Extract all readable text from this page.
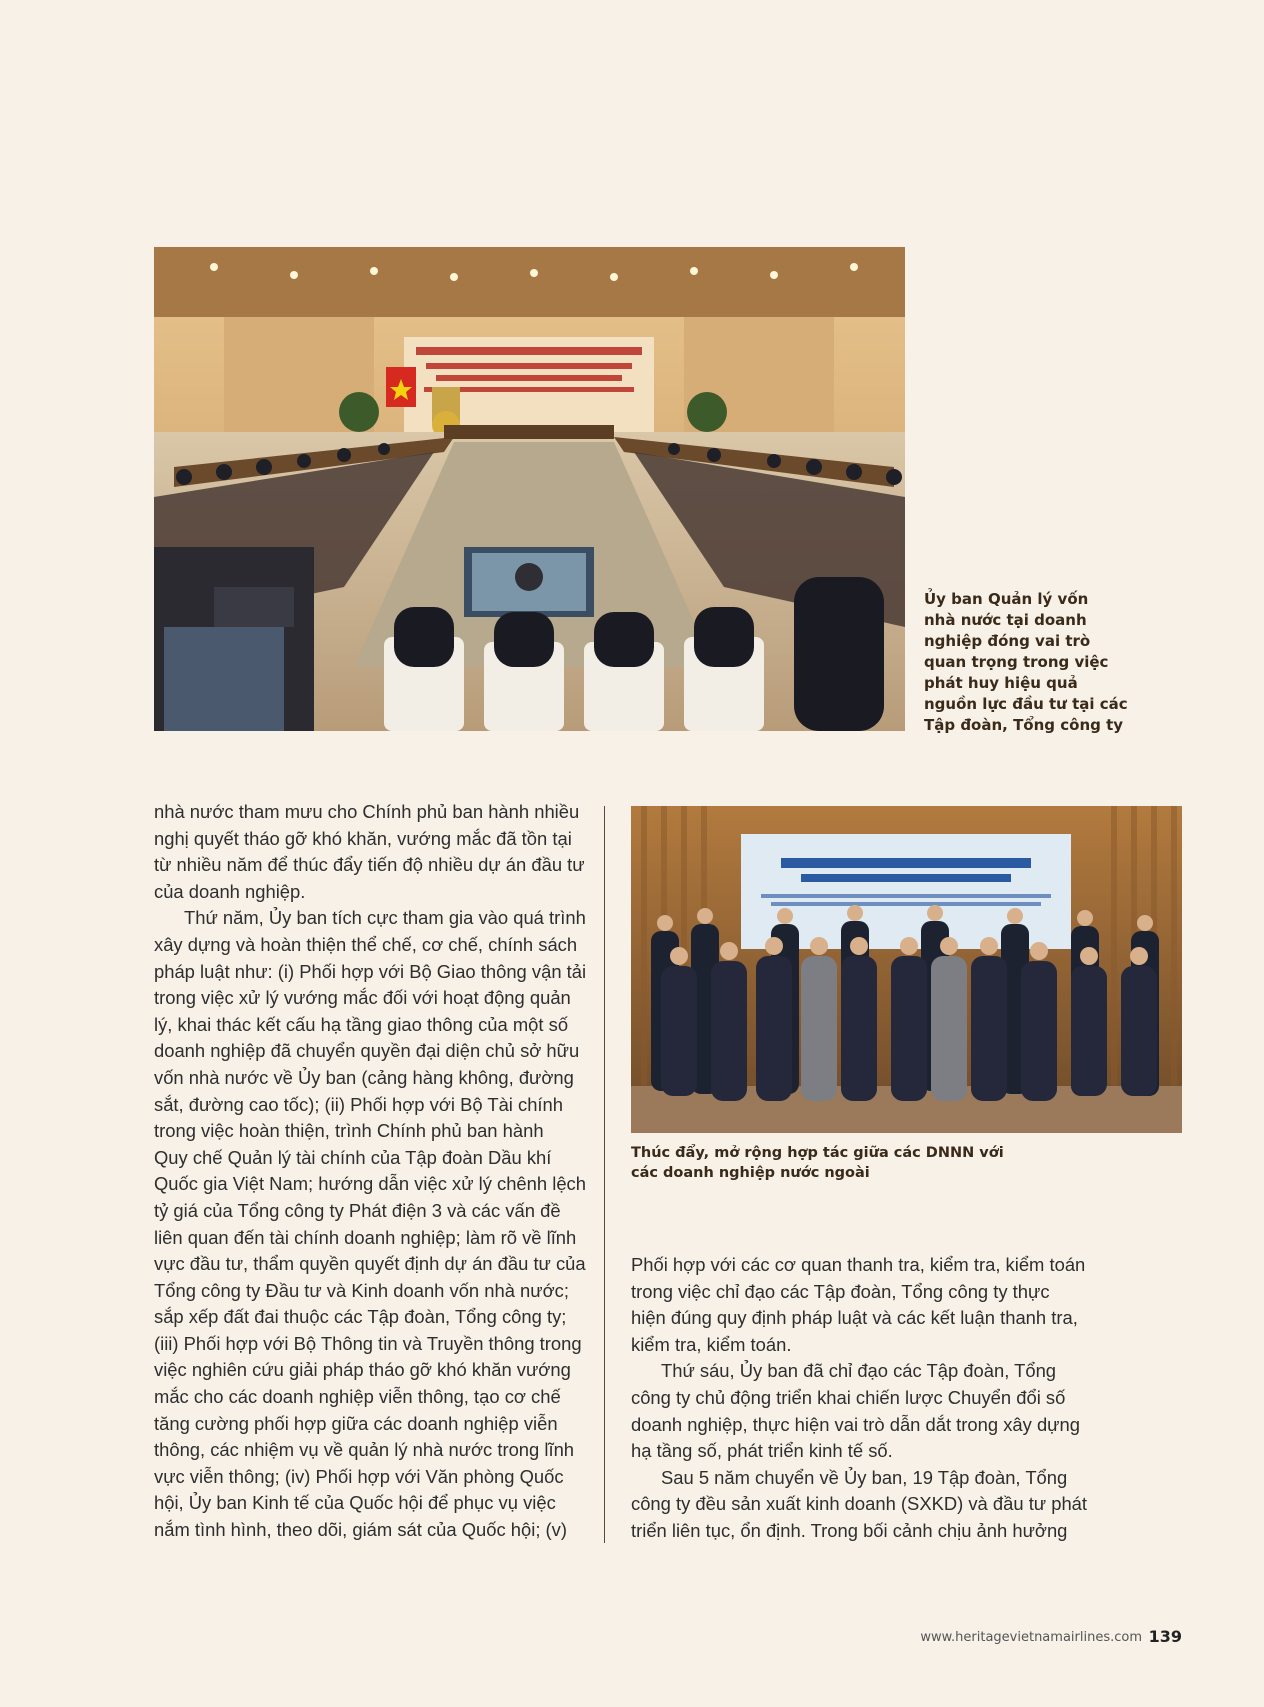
Ủy ban Quản lý vốn
nhà nước tại doanh
nghiệp đóng vai trò
quan trọng trong việc
phát huy hiệu quả
nguồn lực đầu tư tại các
Tập đoàn, Tổng công ty
nhà nước tham mưu cho Chính phủ ban hành nhiều
nghị quyết tháo gỡ khó khăn, vướng mắc đã tồn tại
từ nhiều năm để thúc đẩy tiến độ nhiều dự án đầu tư
của doanh nghiệp.
Thứ năm, Ủy ban tích cực tham gia vào quá trình
xây dựng và hoàn thiện thể chế, cơ chế, chính sách
pháp luật như: (i) Phối hợp với Bộ Giao thông vận tải
trong việc xử lý vướng mắc đối với hoạt động quản
lý, khai thác kết cấu hạ tầng giao thông của một số
doanh nghiệp đã chuyển quyền đại diện chủ sở hữu
vốn nhà nước về Ủy ban (cảng hàng không, đường
sắt, đường cao tốc); (ii) Phối hợp với Bộ Tài chính
trong việc hoàn thiện, trình Chính phủ ban hành
Quy chế Quản lý tài chính của Tập đoàn Dầu khí
Quốc gia Việt Nam; hướng dẫn việc xử lý chênh lệch
tỷ giá của Tổng công ty Phát điện 3 và các vấn đề
liên quan đến tài chính doanh nghiệp; làm rõ về lĩnh
vực đầu tư, thẩm quyền quyết định dự án đầu tư của
Tổng công ty Đầu tư và Kinh doanh vốn nhà nước;
sắp xếp đất đai thuộc các Tập đoàn, Tổng công ty;
(iii) Phối hợp với Bộ Thông tin và Truyền thông trong
việc nghiên cứu giải pháp tháo gỡ khó khăn vướng
mắc cho các doanh nghiệp viễn thông, tạo cơ chế
tăng cường phối hợp giữa các doanh nghiệp viễn
thông, các nhiệm vụ về quản lý nhà nước trong lĩnh
vực viễn thông; (iv) Phối hợp với Văn phòng Quốc
hội, Ủy ban Kinh tế của Quốc hội để phục vụ việc
nắm tình hình, theo dõi, giám sát của Quốc hội; (v)
Thúc đẩy, mở rộng hợp tác giữa các DNNN với
các doanh nghiệp nước ngoài
Phối hợp với các cơ quan thanh tra, kiểm tra, kiểm toán
trong việc chỉ đạo các Tập đoàn, Tổng công ty thực
hiện đúng quy định pháp luật và các kết luận thanh tra,
kiểm tra, kiểm toán.
Thứ sáu, Ủy ban đã chỉ đạo các Tập đoàn, Tổng
công ty chủ động triển khai chiến lược Chuyển đổi số
doanh nghiệp, thực hiện vai trò dẫn dắt trong xây dựng
hạ tầng số, phát triển kinh tế số.
Sau 5 năm chuyển về Ủy ban, 19 Tập đoàn, Tổng
công ty đều sản xuất kinh doanh (SXKD) và đầu tư phát
triển liên tục, ổn định. Trong bối cảnh chịu ảnh hưởng
www.heritagevietnamairlines.com 139
